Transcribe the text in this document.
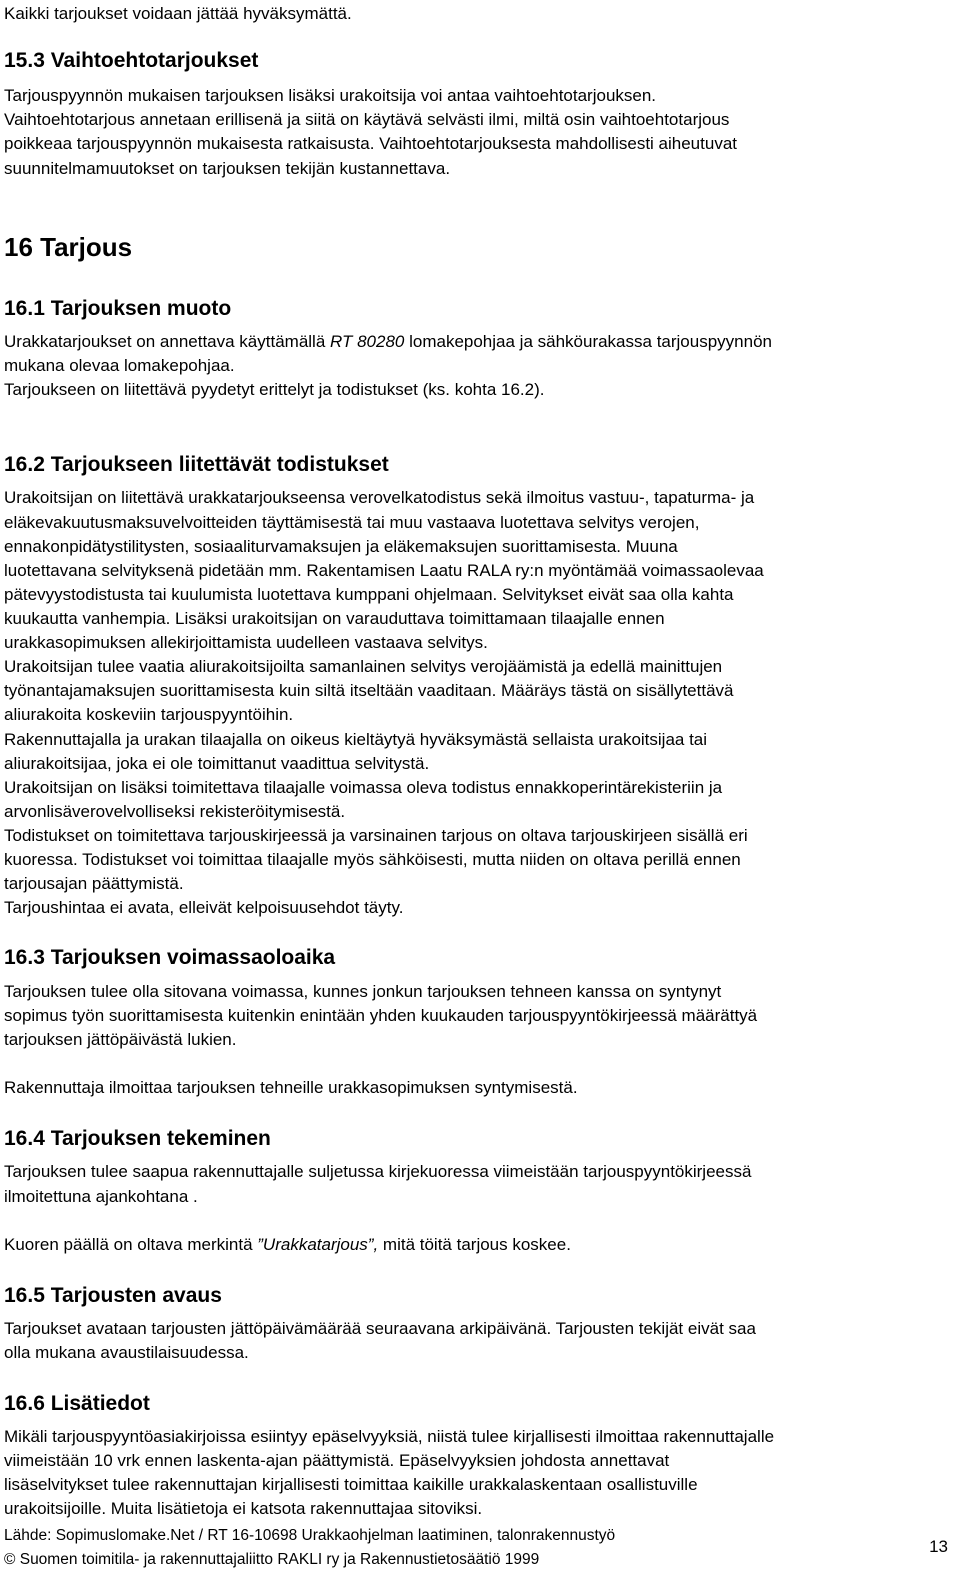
Kaikki tarjoukset voidaan jättää hyväksymättä.
15.3 Vaihtoehtotarjoukset
Tarjouspyynnön mukaisen tarjouksen lisäksi urakoitsija voi antaa vaihtoehtotarjouksen.
Vaihtoehtotarjous annetaan erillisenä ja siitä on käytävä selvästi ilmi, miltä osin vaihtoehtotarjous
poikkeaa tarjouspyynnön mukaisesta ratkaisusta. Vaihtoehtotarjouksesta mahdollisesti aiheutuvat
suunnitelmamuutokset on tarjouksen tekijän kustannettava.
16 Tarjous
16.1 Tarjouksen muoto
Urakkatarjoukset on annettava käyttämällä RT 80280 lomakepohjaa ja sähköurakassa tarjouspyynnön
mukana olevaa lomakepohjaa.
Tarjoukseen on liitettävä pyydetyt erittelyt ja todistukset (ks. kohta 16.2).
16.2 Tarjoukseen liitettävät todistukset
Urakoitsijan on liitettävä urakkatarjoukseensa verovelkatodistus sekä ilmoitus vastuu-, tapaturma- ja
eläkevakuutusmaksuvelvoitteiden täyttämisestä tai muu vastaava luotettava selvitys verojen,
ennakonpidätystilitysten, sosiaaliturvamaksujen ja eläkemaksujen suorittamisesta. Muuna
luotettavana selvityksenä pidetään mm. Rakentamisen Laatu RALA ry:n myöntämää voimassaolevaa
pätevyystodistusta tai kuulumista luotettava kumppani ohjelmaan. Selvitykset eivät saa olla kahta
kuukautta vanhempia. Lisäksi urakoitsijan on varauduttava toimittamaan tilaajalle ennen
urakkasopimuksen allekirjoittamista uudelleen vastaava selvitys.
Urakoitsijan tulee vaatia aliurakoitsijoilta samanlainen selvitys verojäämistä ja edellä mainittujen
työnantajamaksujen suorittamisesta kuin siltä itseltään vaaditaan. Määräys tästä on sisällytettävä
aliurakoita koskeviin tarjouspyyntöihin.
Rakennuttajalla ja urakan tilaajalla on oikeus kieltäytyä hyväksymästä sellaista urakoitsijaa tai
aliurakoitsijaa, joka ei ole toimittanut vaadittua selvitystä.
Urakoitsijan on lisäksi toimitettava tilaajalle voimassa oleva todistus ennakkoperintärekisteriin ja
arvonlisäverovelvolliseksi rekisteröitymisestä.
Todistukset on toimitettava tarjouskirjeessä ja varsinainen tarjous on oltava tarjouskirjeen sisällä eri
kuoressa. Todistukset voi toimittaa tilaajalle myös sähköisesti, mutta niiden on oltava perillä ennen
tarjousajan päättymistä.
Tarjoushintaa ei avata, elleivät kelpoisuusehdot täyty.
16.3 Tarjouksen voimassaoloaika
Tarjouksen tulee olla sitovana voimassa, kunnes jonkun tarjouksen tehneen kanssa on syntynyt
sopimus työn suorittamisesta kuitenkin enintään yhden kuukauden tarjouspyyntökirjeessä määrättyä
tarjouksen jättöpäivästä lukien.
Rakennuttaja ilmoittaa tarjouksen tehneille urakkasopimuksen syntymisestä.
16.4 Tarjouksen tekeminen
Tarjouksen tulee saapua rakennuttajalle suljetussa kirjekuoressa viimeistään tarjouspyyntökirjeessä
ilmoitettuna ajankohtana .
Kuoren päällä on oltava merkintä ”Urakkatarjous”, mitä töitä tarjous koskee.
16.5 Tarjousten avaus
Tarjoukset avataan tarjousten jättöpäivämäärää seuraavana arkipäivänä. Tarjousten tekijät eivät saa
olla mukana avaustilaisuudessa.
16.6 Lisätiedot
Mikäli tarjouspyyntöasiakirjoissa esiintyy epäselvyyksiä, niistä tulee kirjallisesti ilmoittaa rakennuttajalle
viimeistään 10 vrk ennen laskenta-ajan päättymistä. Epäselvyyksien johdosta annettavat
lisäselvitykset tulee rakennuttajan kirjallisesti toimittaa kaikille urakkalaskentaan osallistuville
urakoitsijoille. Muita lisätietoja ei katsota rakennuttajaa sitoviksi.
Lähde: Sopimuslomake.Net / RT 16-10698 Urakkaohjelman laatiminen, talonrakennustyö
© Suomen toimitila- ja rakennuttajaliitto RAKLI ry ja Rakennustietosäätiö 1999
13
